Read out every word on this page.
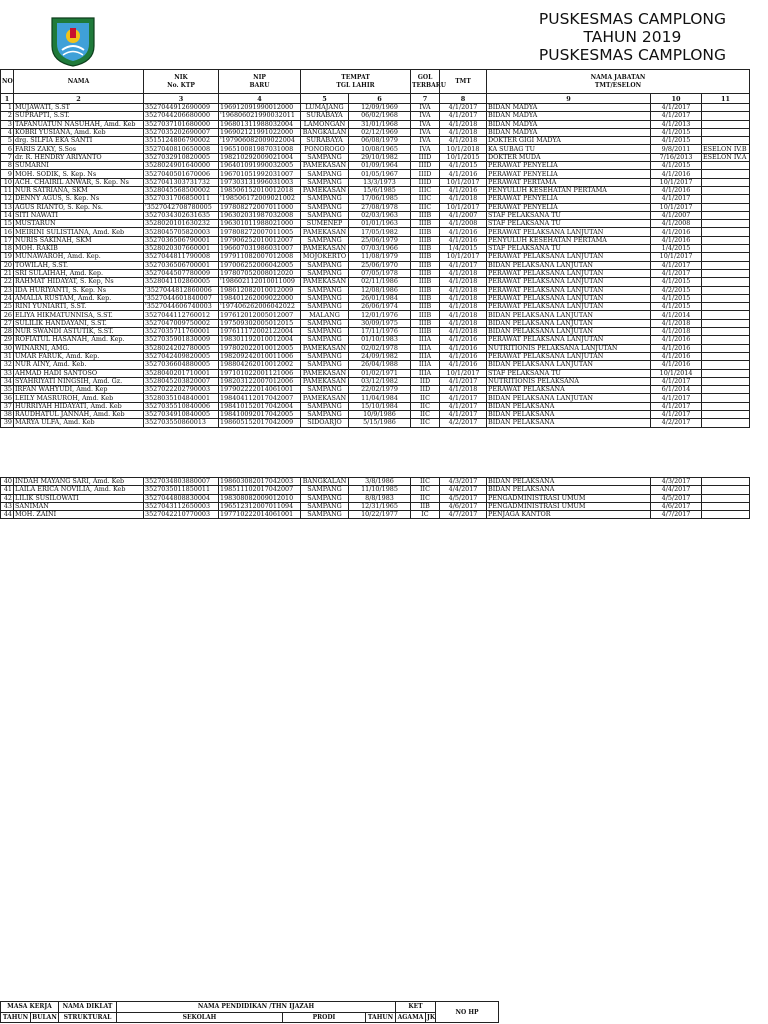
PUSKESMAS CAMPLONG
TAHUN 2019
PUSKESMAS CAMPLONG
NO	NAMA	NIK
No. KTP	NIP
BARU	TEMPAT
TGL LAHIR		GOL
TERBARU	TMT	NAMA JABATAN
TMT/ESELON		
1	2	3	4	5	6	7	8	9	10	11
1	MUJAWATI, S.ST	3527044912690009	196912091990012000	LUMAJANG	12/09/1969	IVA	4/1/2017	BIDAN MADYA	4/1/2017	
2	SUPRAPTI, S.ST.	3527044206680000	'196806021990032011	SURABAYA	06/02/1968	IVA	4/1/2017	BIDAN MADYA	4/1/2017	
3	TAFANUATUN NASUHAH, Amd. Keb	3527037101680000	196801311988032004	LAMONGAN	31/01/1968	IVA	4/1/2018	BIDAN MADYA	4/1/2013	
4	KOBRI YUSIANA, Amd. Keb	3527035202690007	196902121991022000	BANGKALAN	02/12/1969	IVA	4/1/2018	BIDAN MADYA	4/1/2015	
5	drg. SILFIA EKA SANTI	3515124806790002	'197906082009022004	SURABAYA	06/08/1979	IVA	4/1/2018	DOKTER GIGI MADYA	4/1/2015	
6	FARIS ZAKY, S.Sos	3527040810650008	196510081987031008	PONOROGO	10/08/1965	IVA	10/1/2018	KA SUBAG TU	9/8/2011	ESELON IV.B
7	dr. R. HENDRY ARIYANTO	3527032910820005	198210292009021004	SAMPANG	29/10/1982	IIID	10/1/2015	DOKTER MUDA	7/16/2013	ESELON IV.A
8	SUMARNI	3528024901640000	196401091990032005	PAMEKASAN	01/09/1964	IIID	4/1/2015	PERAWAT PENYELIA	4/1/2015	
9	MOH. SODIK, S. Kep. Ns	3527040501670006	196701051992031007	SAMPANG	01/05/1967	IIID	4/1/2016	PERAWAT PENYELIA	4/1/2016	
10	ACH. CHAIRIL ANWAR, S. Kep. Ns	3527041303731732	197303131996031003	SAMPANG	13/3/1973	IIID	10/1/2017	PERAWAT PERTAMA	10/1/2017	
11	NUR SATRIANA, SKM	3528045568500002	198506152010012018	PAMEKASAN	15/6/1985	IIIC	4/1/2016	PENYULUH KESEHATAN PERTAMA	4/1/2016	
12	DENNY AGUS, S. Kep. Ns	3527031706850011	'198506172009021002	SAMPANG	17/06/1985	IIIC	4/1/2018	PERAWAT PENYELIA	4/1/2017	
13	AGUS RIANTO, S. Kep. Ns.	'3527042708780005	197808272007011000	SAMPANG	27/08/1978	IIIC	10/1/2017	PERAWAT PENYELIA	10/1/2017	
14	SITI NAWATI	3527034302631635	196302031987032008	SAMPANG	02/03/1963	IIIB	4/1/2007	STAF PELAKSANA TU	4/1/2007	
15	MUSTARUN	3528020101630232	196301011988021000	SUMENEP	01/01/1963	IIIB	4/1/2008	STAF PELAKSANA TU	4/1/2008	
16	MEIRINI SULISTIANA, Amd. Keb	3528045705820003	197808272007011005	PAMEKASAN	17/05/1982	IIIB	4/1/2016	PERAWAT PELAKSANA LANJUTAN	4/1/2016	
17	NURIS SAKINAH, SKM	3527036506790001	197906252010012007	SAMPANG	25/06/1979	IIIB	4/1/2016	PENYULUH KESEHATAN PERTAMA	4/1/2016	
18	MOH. RAKIB	3528020307660001	196607031986031007	PAMEKASAN	07/03/1966	IIIB	1/4/2015	STAF PELAKSANA TU	1/4/2015	
19	MUNAWAROH, Amd. Kep.	3527044811790008	197911082007012008	MOJOKERTO	11/08/1979	IIIB	10/1/2017	PERAWAT PELAKSANA LANJUTAN	10/1/2017	
20	TOWILAH, S.ST.	3527036506700001	197006252006042005	SAMPANG	25/06/1970	IIIB	4/1/2017	BIDAN PELAKSANA LANJUTAN	4/1/2017	
21	SRI SULAIHAH, Amd. Kep.	3527044507780009	197807052008012020	SAMPANG	07/05/1978	IIIB	4/1/2018	PERAWAT PELAKSANA LANJUTAN	4/1/2017	
22	RAHMAT HIDAYAT, S. Kep, Ns	3528041102860005	'198602112010011009	PAMEKASAN	02/11/1986	IIIB	4/1/2018	PERAWAT PELAKSANA LANJUTAN	4/1/2015	
23	IDA HURIYANTI, S. Kep. Ns	'3527044812860006	198612082010012009	SAMPANG	12/08/1986	IIIB	4/1/2018	PERAWAT PELAKSANA LANJUTAN	4/2/2015	
24	AMALIA RUSTAM, Amd. Kep.	'3527044601840007	198401262009022000	SAMPANG	26/01/1984	IIIB	4/1/2018	PERAWAT PELAKSANA LANJUTAN	4/1/2015	
25	RINI YUNIARTI, S.ST.	'3527044606740003	'197406262006042022	SAMPANG	26/06/1974	IIIB	4/1/2018	PERAWAT PELAKSANA LANJUTAN	4/1/2015	
26	ELIYA HIKMATUNNISA, S.ST.	3527044112760012	197612012005012007	MALANG	12/01/1976	IIIB	4/1/2018	BIDAN PELAKSANA LANJUTAN	4/1/2014	
27	SULILIK HANDAYANI, S.ST.	3527047009750002	197509302005012015	SAMPANG	30/09/1975	IIIB	4/1/2018	BIDAN PELAKSANA LANJUTAN	4/1/2018	
28	NUR SWANDI ASTUTIK, S.ST.	3527035711760001	197611172002122004	SAMPANG	17/11/1976	IIIB	4/1/2018	BIDAN PELAKSANA LANJUTAN	4/1/2018	
29	ROFIATUL HASANAH, Amd. Kep.	3527035901830009	198301192010012004	SAMPANG	01/10/1983	IIIA	4/1/2016	PERAWAT PELAKSANA LANJUTAN	4/1/2016	
30	WINARNI, AMG.	3528024202780005	197802022010012005	PAMEKASAN	02/02/1978	IIIA	4/1/2016	NUTRITIONIS PELAKSANA LANJUTAN	4/1/2016	
31	UMAR FARUK, Amd. Kep.	3527042409820005	198209242010011006	SAMPANG	24/09/1982	IIIA	4/1/2016	PERAWAT PELAKSANA LANJUTAN	4/1/2016	
32	NUR AINY, Amd. Keb.	3527036604880005	198804262010012002	SAMPANG	26/04/1988	IIIA	4/1/2016	BIDAN PELAKSANA LANJUTAN	4/1/2016	
33	AHMAD HADI SANTOSO	3528040201710001	197101022001121006	PAMEKASAN	01/02/1971	IIIA	10/1/2017	STAF PELAKSANA TU	10/1/2014	
34	SYAHRIYATI NINGSIH, Amd. Gz.	3528045203820007	198203122007012006	PAMEKASAN	03/12/1982	IID	4/1/2017	NUTRITIONIS PELAKSANA	4/1/2017	
35	IRFAN WAHYUDI, Amd. Kep	3527022202790003	197902222014061001	SAMPANG	22/02/1979	IID	4/1/2018	PERAWAT PELAKSANA	6/1/2014	
36	LEILY MASRUROH, Amd. Keb	3528035104840001	198404112017042007	PAMEKASAN	11/04/1984	IIC	4/1/2017	BIDAN PELAKSANA LANJUTAN	4/1/2017	
37	HURRIYAH HIDAYATI, Amd. Keb	3527035510840006	198410152017042004	SAMPANG	15/10/1984	IIC	4/1/2017	BIDAN PELAKSANA	4/1/2017	
38	RAUDHATUL JANNAH, Amd. Keb	3527034910840005	198410092017042005	SAMPANG	10/9/1986	IIC	4/1/2017	BIDAN PELAKSANA	4/1/2017	
39	MARYA ULFA, Amd. Keb	352703550860013	198605152017042009	SIDOARJO	5/15/1986	IIC	4/2/2017	BIDAN PELAKSANA	4/2/2017	
40	INDAH MAYANG SARI, Amd. Keb	3527034803880007	198603082017042003	BANGKALAN	3/8/1986	IIC	4/3/2017	BIDAN PELAKSANA	4/3/2017	
41	LAILA ERICA NOVILIA, Amd. Keb	3527035011850011	198511102017042007	SAMPANG	11/10/1985	IIC	4/4/2017	BIDAN PELAKSANA	4/4/2017	
42	LILIK SUSILOWATI	3527044808830004	198308082009012010	SAMPANG	8/8/1983	IIC	4/5/2017	PENGADMINISTRASI UMUM	4/5/2017	
43	SANIMAN	3527043112650003	196512312007011094	SAMPANG	12/31/1965	IIB	4/6/2017	PENGADMINISTRASI UMUM	4/6/2017	
44	MOH. ZAINI	3527042210770003	197710222014061001	SAMPANG	10/22/1977	IC	4/7/2017	PENJAGA KANTOR	4/7/2017	
MASA KERJA		NAMA DIKLAT	NAMA PENDIDIKAN /THN IJAZAH			KET		NO HP
TAHUN	BULAN	STRUKTURAL	SEKOLAH	PRODI	TAHUN	AGAMA	JK	
